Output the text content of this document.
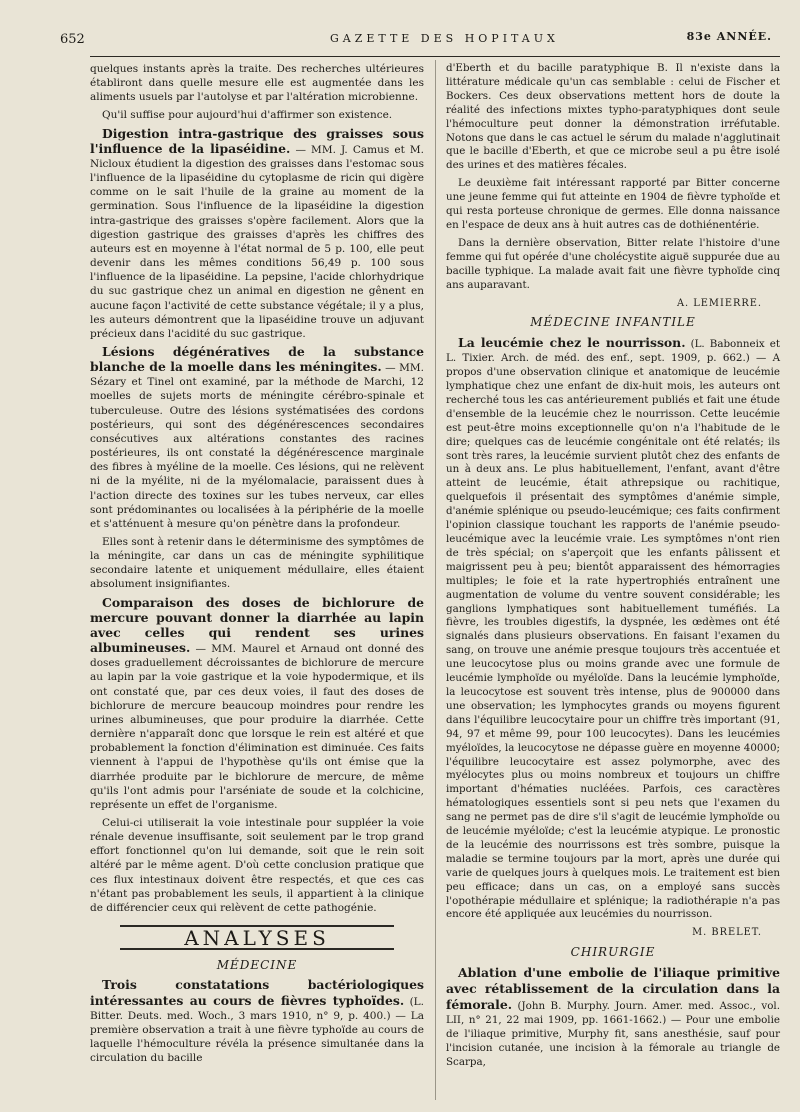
652	GAZETTE DES HOPITAUX	83e ANNÉE.

quelques instants après la traite. Des recherches ultérieures établiront dans quelle mesure elle est augmentée dans les aliments usuels par l'autolyse et par l'altération microbienne.

Qu'il suffise pour aujourd'hui d'affirmer son existence.

Digestion intra-gastrique des graisses sous l'influence de la lipaséidine. — MM. J. Camus et M. Nicloux étudient la digestion des graisses dans l'estomac sous l'influence de la lipaséidine du cytoplasme de ricin qui digère comme on le sait l'huile de la graine au moment de la germination. Sous l'influence de la lipaséidine la digestion intra-gastrique des graisses s'opère facilement. Alors que la digestion gastrique des graisses d'après les chiffres des auteurs est en moyenne à l'état normal de 5 p. 100, elle peut devenir dans les mêmes conditions 56,49 p. 100 sous l'influence de la lipaséidine. La pepsine, l'acide chlorhydrique du suc gastrique chez un animal en digestion ne gênent en aucune façon l'activité de cette substance végétale; il y a plus, les auteurs démontrent que la lipaséidine trouve un adjuvant précieux dans l'acidité du suc gastrique.

Lésions dégénératives de la substance blanche de la moelle dans les méningites. — MM. Sézary et Tinel ont examiné, par la méthode de Marchi, 12 moelles de sujets morts de méningite cérébro-spinale et tuberculeuse. Outre des lésions systématisées des cordons postérieurs, qui sont des dégénérescences secondaires consécutives aux altérations constantes des racines postérieures, ils ont constaté la dégénérescence marginale des fibres à myéline de la moelle. Ces lésions, qui ne relèvent ni de la myélite, ni de la myélomalacie, paraissent dues à l'action directe des toxines sur les tubes nerveux, car elles sont prédominantes ou localisées à la périphérie de la moelle et s'atténuent à mesure qu'on pénètre dans la profondeur.

Elles sont à retenir dans le déterminisme des symptômes de la méningite, car dans un cas de méningite syphilitique secondaire latente et uniquement médullaire, elles étaient absolument insignifiantes.

Comparaison des doses de bichlorure de mercure pouvant donner la diarrhée au lapin avec celles qui rendent ses urines albumineuses. — MM. Maurel et Arnaud ont donné des doses graduellement décroissantes de bichlorure de mercure au lapin par la voie gastrique et la voie hypodermique, et ils ont constaté que, par ces deux voies, il faut des doses de bichlorure de mercure beaucoup moindres pour rendre les urines albumineuses, que pour produire la diarrhée. Cette dernière n'apparaît donc que lorsque le rein est altéré et que probablement la fonction d'élimination est diminuée. Ces faits viennent à l'appui de l'hypothèse qu'ils ont émise que la diarrhée produite par le bichlorure de mercure, de même qu'ils l'ont admis pour l'arséniate de soude et la colchicine, représente un effet de l'organisme.

Celui-ci utiliserait la voie intestinale pour suppléer la voie rénale devenue insuffisante, soit seulement par le trop grand effort fonctionnel qu'on lui demande, soit que le rein soit altéré par le même agent. D'où cette conclusion pratique que ces flux intestinaux doivent être respectés, et que ces cas n'étant pas probablement les seuls, il appartient à la clinique de différencier ceux qui relèvent de cette pathogénie.

ANALYSES
MÉDECINE

Trois constatations bactériologiques intéressantes au cours de fièvres typhoïdes. (L. Bitter. Deuts. med. Woch., 3 mars 1910, n° 9, p. 400.) — La première observation a trait à une fièvre typhoïde au cours de laquelle l'hémoculture révéla la présence simultanée dans la circulation du bacille

d'Eberth et du bacille paratyphique B. Il n'existe dans la littérature médicale qu'un cas semblable : celui de Fischer et Bockers. Ces deux observations mettent hors de doute la réalité des infections mixtes typho-paratyphiques dont seule l'hémoculture peut donner la démonstration irréfutable. Notons que dans le cas actuel le sérum du malade n'agglutinait que le bacille d'Eberth, et que ce microbe seul a pu être isolé des urines et des matières fécales.

Le deuxième fait intéressant rapporté par Bitter concerne une jeune femme qui fut atteinte en 1904 de fièvre typhoïde et qui resta porteuse chronique de germes. Elle donna naissance en l'espace de deux ans à huit autres cas de dothiénentérie.

Dans la dernière observation, Bitter relate l'histoire d'une femme qui fut opérée d'une cholécystite aiguë suppurée due au bacille typhique. La malade avait fait une fièvre typhoïde cinq ans auparavant.

A. LEMIERRE.
MÉDECINE INFANTILE

La leucémie chez le nourrisson. (L. Babonneix et L. Tixier. Arch. de méd. des enf., sept. 1909, p. 662.) — A propos d'une observation clinique et anatomique de leucémie lymphatique chez une enfant de dix-huit mois, les auteurs ont recherché tous les cas antérieurement publiés et fait une étude d'ensemble de la leucémie chez le nourrisson. Cette leucémie est peut-être moins exceptionnelle qu'on n'a l'habitude de le dire; quelques cas de leucémie congénitale ont été relatés; ils sont très rares, la leucémie survient plutôt chez des enfants de un à deux ans. Le plus habituellement, l'enfant, avant d'être atteint de leucémie, était athrepsique ou rachitique, quelquefois il présentait des symptômes d'anémie simple, d'anémie splénique ou pseudo-leucémique; ces faits confirment l'opinion classique touchant les rapports de l'anémie pseudo-leucémique avec la leucémie vraie. Les symptômes n'ont rien de très spécial; on s'aperçoit que les enfants pâlissent et maigrissent peu à peu; bientôt apparaissent des hémorragies multiples; le foie et la rate hypertrophiés entraînent une augmentation de volume du ventre souvent considérable; les ganglions lymphatiques sont habituellement tuméfiés. La fièvre, les troubles digestifs, la dyspnée, les œdèmes ont été signalés dans plusieurs observations. En faisant l'examen du sang, on trouve une anémie presque toujours très accentuée et une leucocytose plus ou moins grande avec une formule de leucémie lymphoïde ou myéloïde. Dans la leucémie lymphoïde, la leucocytose est souvent très intense, plus de 900000 dans une observation; les lymphocytes grands ou moyens figurent dans l'équilibre leucocytaire pour un chiffre très important (91, 94, 97 et même 99, pour 100 leucocytes). Dans les leucémies myéloïdes, la leucocytose ne dépasse guère en moyenne 40000; l'équilibre leucocytaire est assez polymorphe, avec des myélocytes plus ou moins nombreux et toujours un chiffre important d'hématies nucléées. Parfois, ces caractères hématologiques essentiels sont si peu nets que l'examen du sang ne permet pas de dire s'il s'agit de leucémie lymphoïde ou de leucémie myéloïde; c'est la leucémie atypique. Le pronostic de la leucémie des nourrissons est très sombre, puisque la maladie se termine toujours par la mort, après une durée qui varie de quelques jours à quelques mois. Le traitement est bien peu efficace; dans un cas, on a employé sans succès l'opothérapie médullaire et splénique; la radiothérapie n'a pas encore été appliquée aux leucémies du nourrisson.

M. BRELET.
CHIRURGIE

Ablation d'une embolie de l'iliaque primitive avec rétablissement de la circulation dans la fémorale. (John B. Murphy. Journ. Amer. med. Assoc., vol. LII, n° 21, 22 mai 1909, pp. 1661-1662.) — Pour une embolie de l'iliaque primitive, Murphy fit, sans anesthésie, sauf pour l'incision cutanée, une incision à la fémorale au triangle de Scarpa,
